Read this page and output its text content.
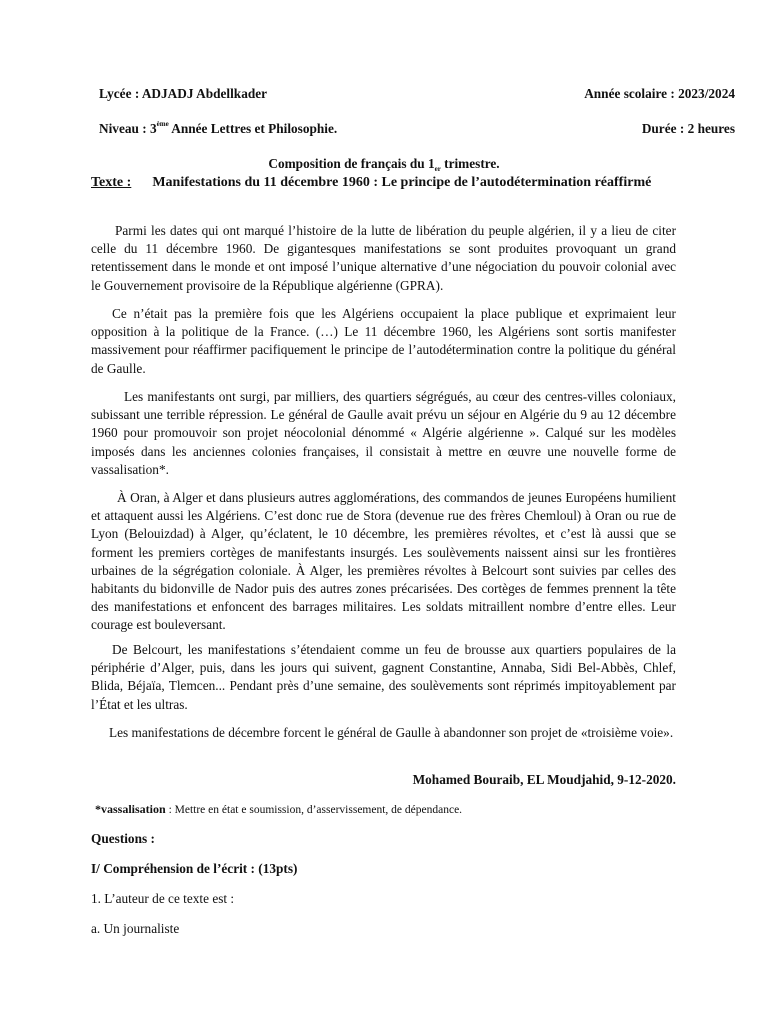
Lycée : ADJADJ Abdellkader	Année scolaire : 2023/2024
Niveau : 3ème Année Lettres et Philosophie.	Durée : 2 heures
Composition de français du $1_{er}$ trimestre.
Texte : Manifestations du 11 décembre 1960 : Le principe de l’autodétermination réaffirmé

Parmi les dates qui ont marqué l’histoire de la lutte de libération du peuple algérien, il y a lieu de citer celle du 11 décembre 1960. De gigantesques manifestations se sont produites provoquant un grand retentissement dans le monde et ont imposé l’unique alternative d’une négociation du pouvoir colonial avec le Gouvernement provisoire de la République algérienne (GPRA).

Ce n’était pas la première fois que les Algériens occupaient la place publique et exprimaient leur opposition à la politique de la France. (…) Le 11 décembre 1960, les Algériens sont sortis manifester massivement pour réaffirmer pacifiquement le principe de l’autodétermination contre la politique du général de Gaulle.

Les manifestants ont surgi, par milliers, des quartiers ségrégués, au cœur des centres-villes coloniaux, subissant une terrible répression. Le général de Gaulle avait prévu un séjour en Algérie du 9 au 12 décembre 1960 pour promouvoir son projet néocolonial dénommé « Algérie algérienne ». Calqué sur les modèles imposés dans les anciennes colonies françaises, il consistait à mettre en œuvre une nouvelle forme de vassalisation*.

À Oran, à Alger et dans plusieurs autres agglomérations, des commandos de jeunes Européens humilient et attaquent aussi les Algériens. C’est donc rue de Stora (devenue rue des frères Chemloul) à Oran ou rue de Lyon (Belouizdad) à Alger, qu’éclatent, le 10 décembre, les premières révoltes, et c’est là aussi que se forment les premiers cortèges de manifestants insurgés. Les soulèvements naissent ainsi sur les frontières urbaines de la ségrégation coloniale. À Alger, les premières révoltes à Belcourt sont suivies par celles des habitants du bidonville de Nador puis des autres zones précarisées. Des cortèges de femmes prennent la tête des manifestations et enfoncent des barrages militaires. Les soldats mitraillent nombre d’entre elles. Leur courage est bouleversant.

De Belcourt, les manifestations s’étendaient comme un feu de brousse aux quartiers populaires de la périphérie d’Alger, puis, dans les jours qui suivent, gagnent Constantine, Annaba, Sidi Bel-Abbès, Chlef, Blida, Béjaïa, Tlemcen... Pendant près d’une semaine, des soulèvements sont réprimés impitoyablement par l’État et les ultras.

Les manifestations de décembre forcent le général de Gaulle à abandonner son projet de «troisième voie».

Mohamed Bouraib, EL Moudjahid, 9-12-2020.
*vassalisation : Mettre en état e soumission, d’asservissement, de dépendance.
Questions :
I/ Compréhension de l’écrit : (13pts)
1. L’auteur de ce texte est :
a. Un journaliste
